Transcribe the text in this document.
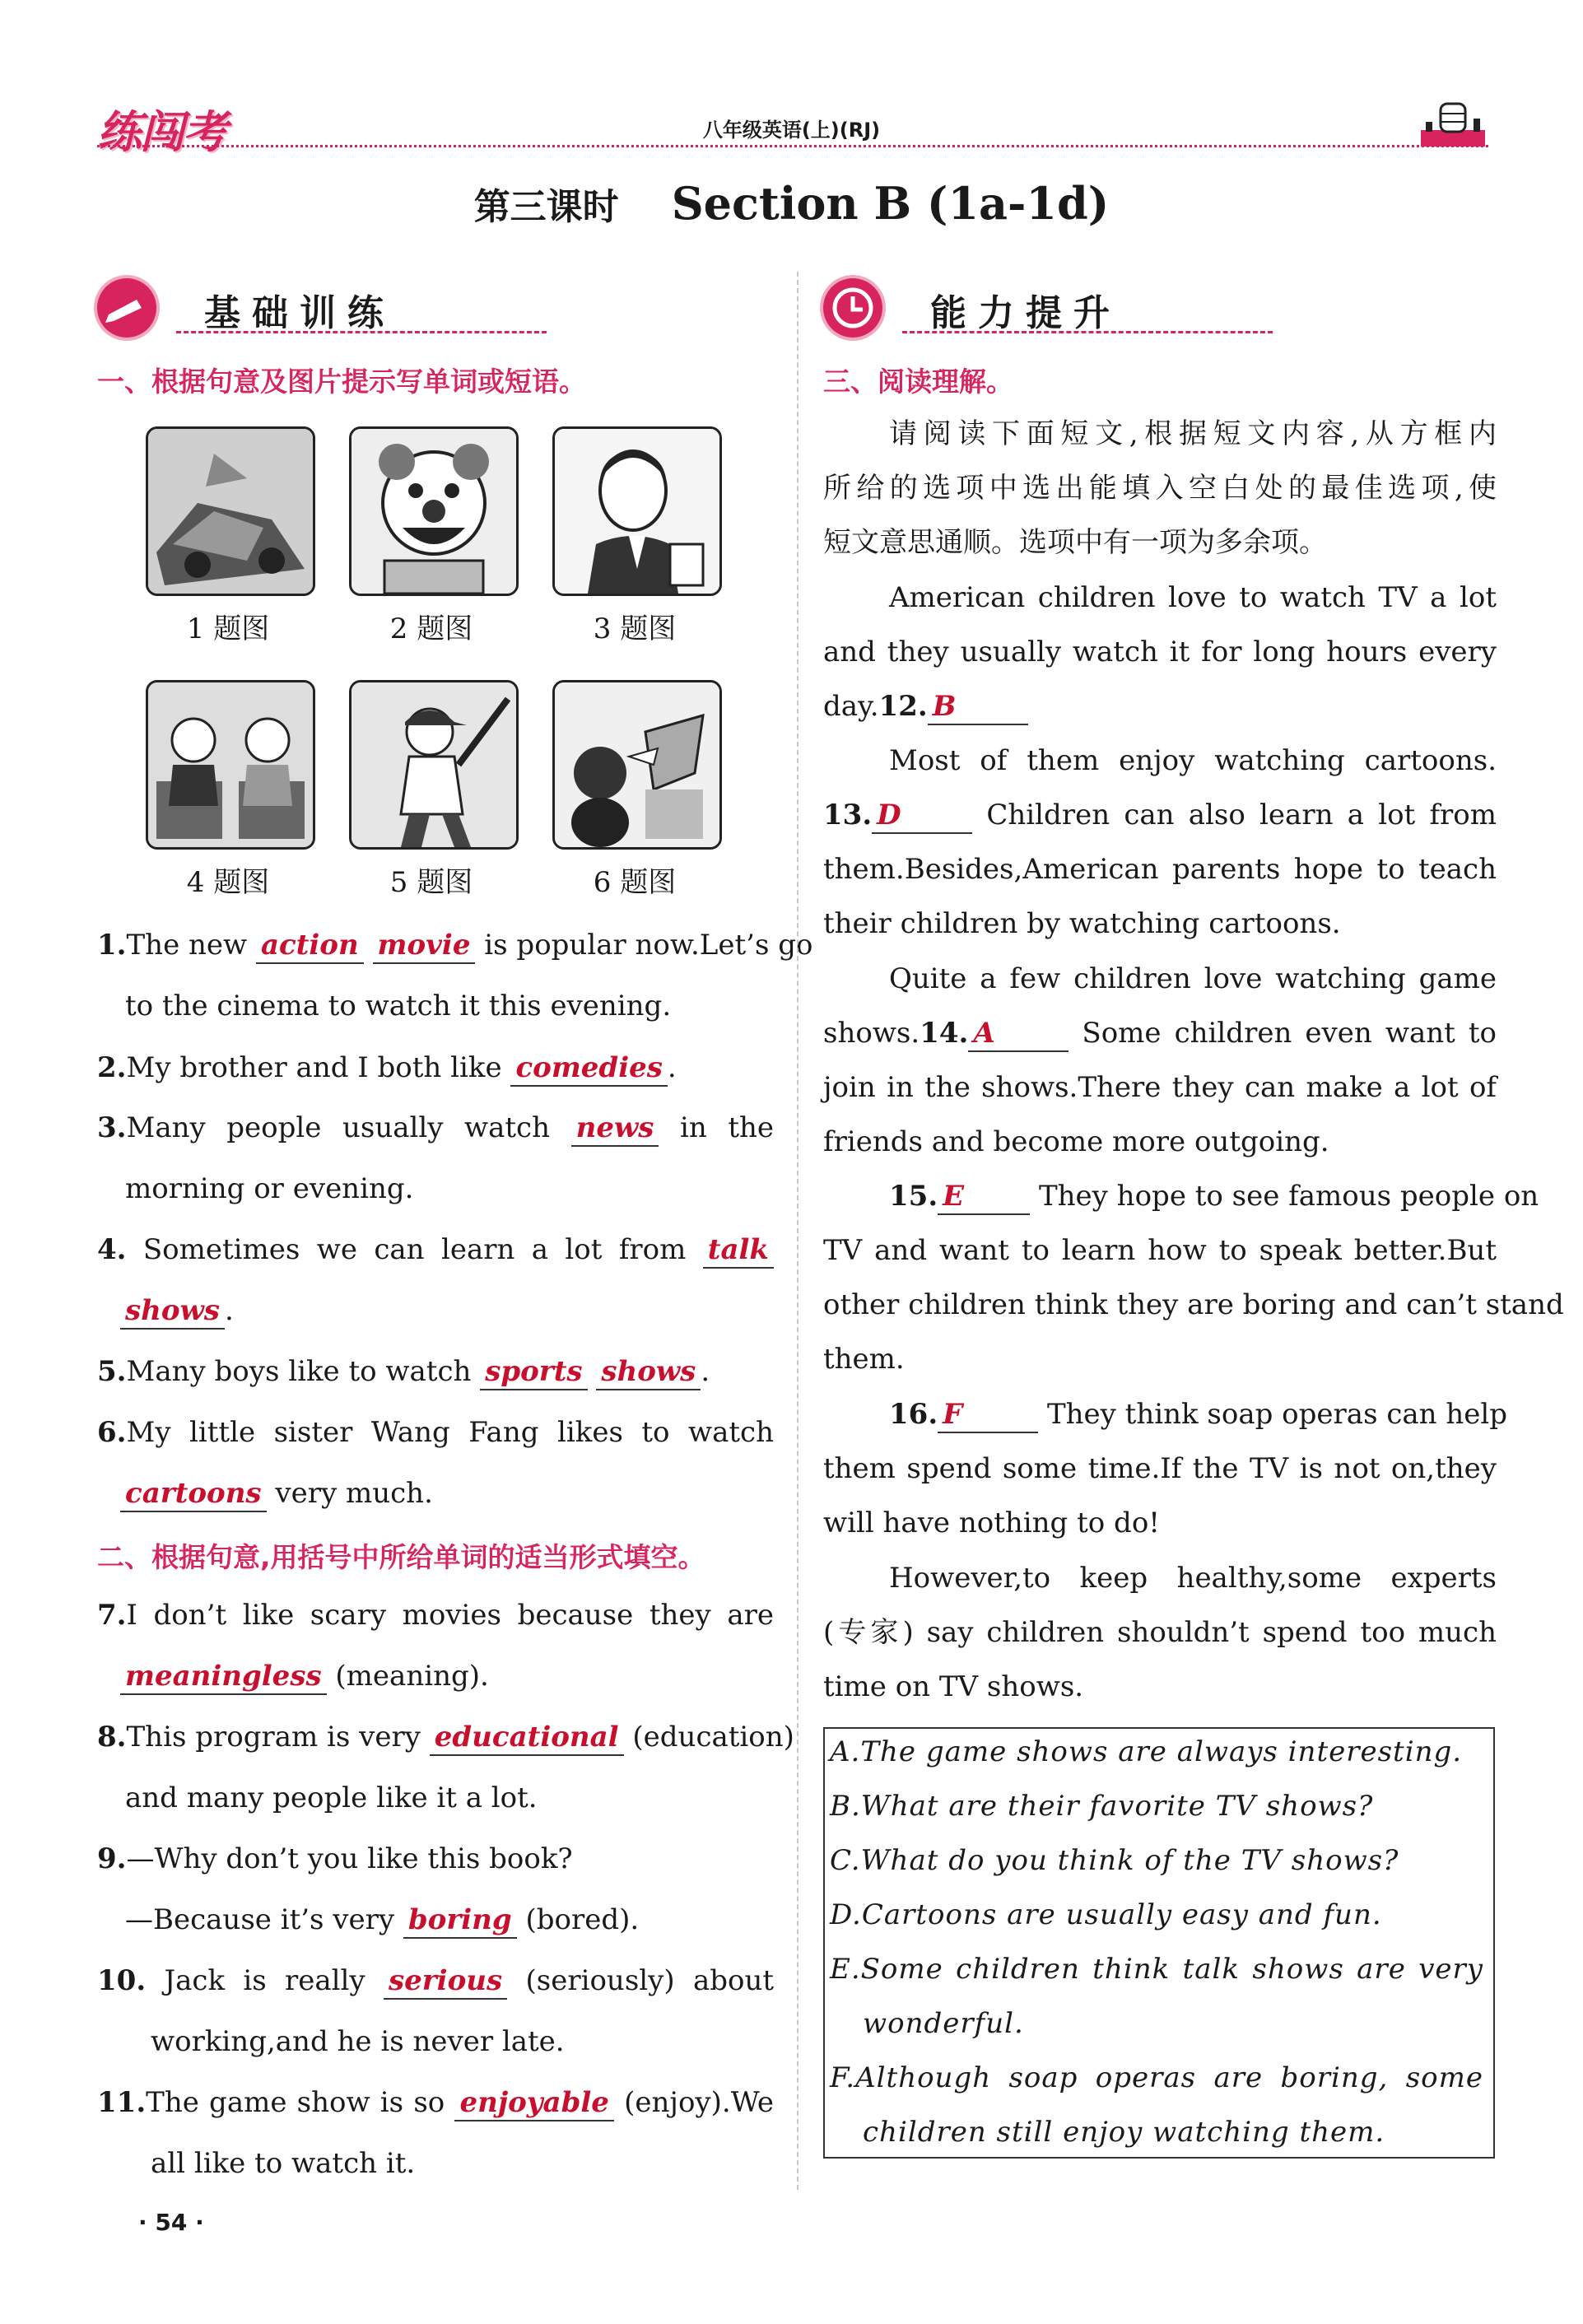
练闯考	八年级英语(上)(RJ)
第三课时 Section B (1a-1d)
基础训练
一、根据句意及图片提示写单词或短语。
1 题图	2 题图	3 题图
4 题图	5 题图	6 题图
1.The new action movie is popular now.Let’s go
to the cinema to watch it this evening.
2.My brother and I both like comedies .
3.Many people usually watch news in the
morning or evening.
4. Sometimes we can learn a lot from talk
shows .
5.Many boys like to watch sports shows .
6.My little sister Wang Fang likes to watch
cartoons very much.
二、根据句意,用括号中所给单词的适当形式填空。
7.I don’t like scary movies because they are
meaningless (meaning).
8.This program is very educational (education)
and many people like it a lot.
9.—Why don’t you like this book?
—Because it’s very boring (bored).
10. Jack is really serious (seriously) about
working,and he is never late.
11.The game show is so enjoyable (enjoy).We
all like to watch it.
能力提升
三、阅读理解。
请阅读下面短文,根据短文内容,从方框内
所给的选项中选出能填入空白处的最佳选项,使
短文意思通顺。选项中有一项为多余项。
American children love to watch TV a lot
and they usually watch it for long hours every
day.12. B
Most of them enjoy watching cartoons.
13. D	Children can also learn a lot from
them.Besides,American parents hope to teach
their children by watching cartoons.
Quite a few children love watching game
shows.14. A	Some children even want to
join in the shows.There they can make a lot of
friends and become more outgoing.
15. E	They hope to see famous people on
TV and want to learn how to speak better.But
other children think they are boring and can’t stand
them.
16. F	They think soap operas can help
them spend some time.If the TV is not on,they
will have nothing to do!
However,to keep healthy,some experts
(专家) say children shouldn’t spend too much
time on TV shows.
A.The game shows are always interesting.
B.What are their favorite TV shows?
C.What do you think of the TV shows?
D.Cartoons are usually easy and fun.
E.Some children think talk shows are very
wonderful.
F.Although soap operas are boring, some
children still enjoy watching them.
· 54 ·
